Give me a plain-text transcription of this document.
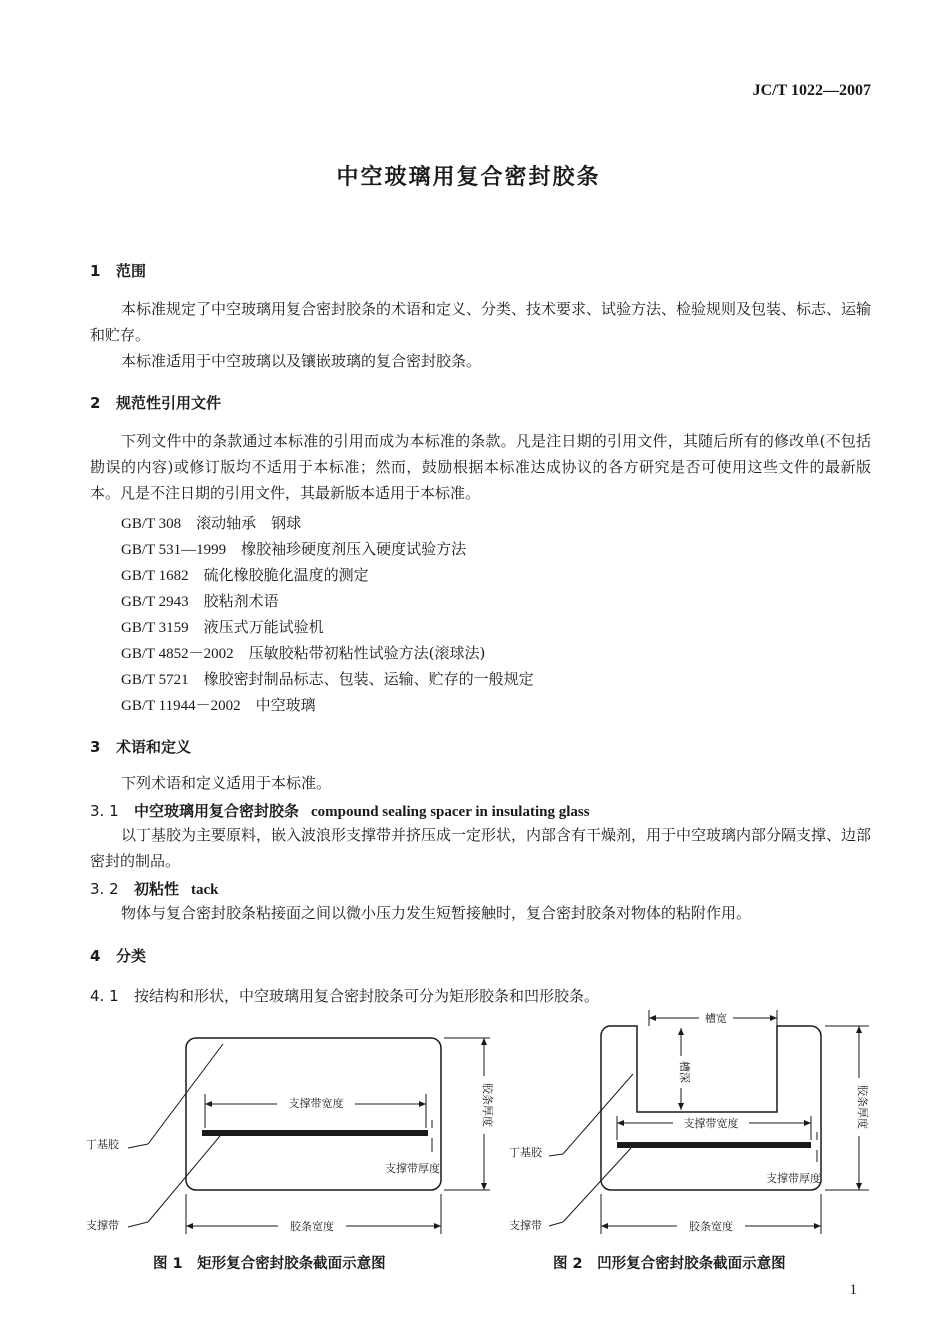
JC/T 1022—2007
中空玻璃用复合密封胶条
1 范围
本标准规定了中空玻璃用复合密封胶条的术语和定义、分类、技术要求、试验方法、检验规则及包装、标志、运输和贮存。
本标准适用于中空玻璃以及镶嵌玻璃的复合密封胶条。
2 规范性引用文件
下列文件中的条款通过本标准的引用而成为本标准的条款。凡是注日期的引用文件，其随后所有的修改单(不包括勘误的内容)或修订版均不适用于本标准；然而，鼓励根据本标准达成协议的各方研究是否可使用这些文件的最新版本。凡是不注日期的引用文件，其最新版本适用于本标准。
GB/T 308　 滚动轴承　钢球
GB/T 531—1999　 橡胶袖珍硬度剂压入硬度试验方法
GB/T 1682　 硫化橡胶脆化温度的测定
GB/T 2943　 胶粘剂术语
GB/T 3159　 液压式万能试验机
GB/T 4852－2002　 压敏胶粘带初粘性试验方法(滚球法)
GB/T 5721　 橡胶密封制品标志、包装、运输、贮存的一般规定
GB/T 11944－2002　 中空玻璃
3 术语和定义
下列术语和定义适用于本标准。
3. 1 中空玻璃用复合密封胶条 compound sealing spacer in insulating glass
以丁基胶为主要原料，嵌入波浪形支撑带并挤压成一定形状，内部含有干燥剂，用于中空玻璃内部分隔支撑、边部密封的制品。
3. 2 初粘性 tack
物体与复合密封胶条粘接面之间以微小压力发生短暂接触时，复合密封胶条对物体的粘附作用。
4 分类
4. 1 按结构和形状，中空玻璃用复合密封胶条可分为矩形胶条和凹形胶条。
支撑带宽度	胶条厚度
支撑带厚度
丁基胶
支撑带	胶条宽度
槽宽
槽深
支撑带宽度	胶条厚度
支撑带厚度
丁基胶
支撑带	胶条宽度
图 1　矩形复合密封胶条截面示意图	图 2　凹形复合密封胶条截面示意图
1
